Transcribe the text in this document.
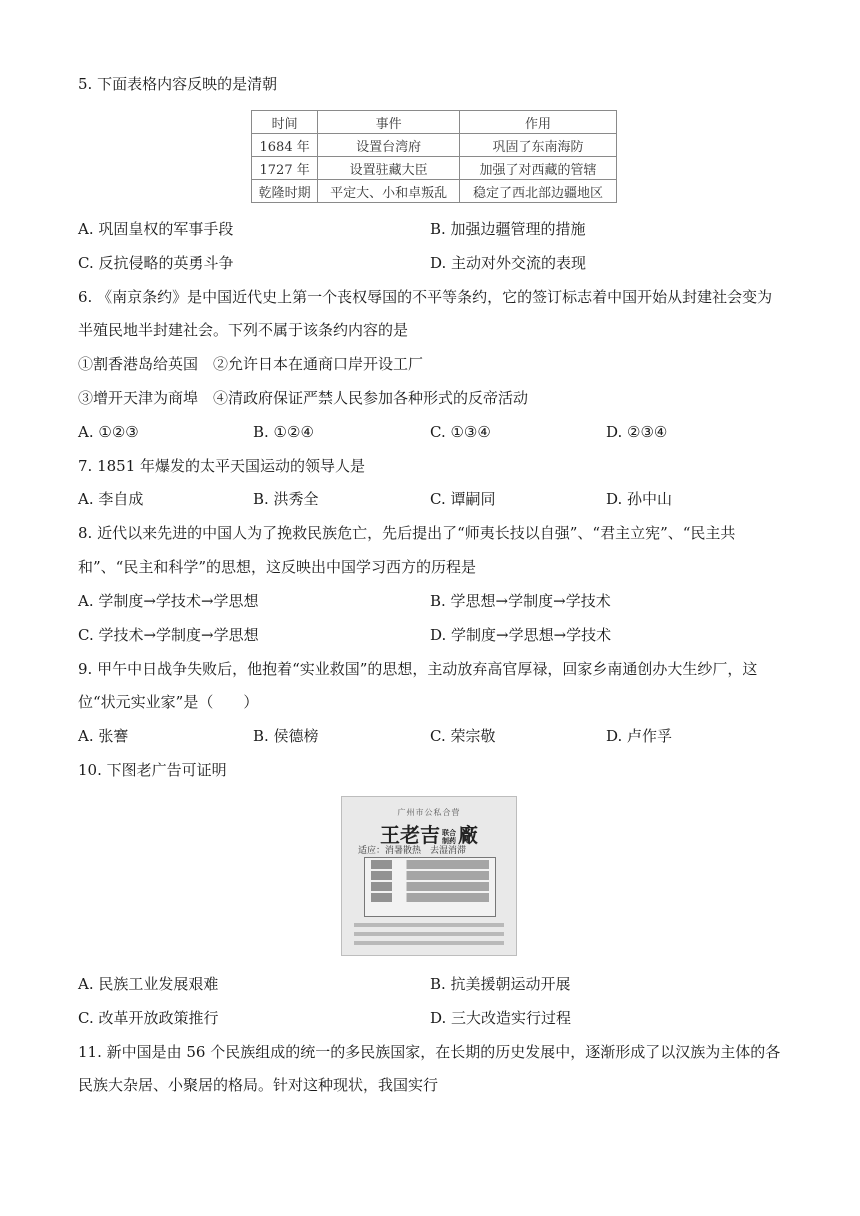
5. 下面表格内容反映的是清朝
时间	事件	作用
1684 年	设置台湾府	巩固了东南海防
1727 年	设置驻藏大臣	加强了对西藏的管辖
乾隆时期	平定大、小和卓叛乱	稳定了西北部边疆地区
A. 巩固皇权的军事手段	B. 加强边疆管理的措施
C. 反抗侵略的英勇斗争	D. 主动对外交流的表现
6. 《南京条约》是中国近代史上第一个丧权辱国的不平等条约，它的签订标志着中国开始从封建社会变为
半殖民地半封建社会。下列不属于该条约内容的是
①割香港岛给英国　②允许日本在通商口岸开设工厂
③增开天津为商埠　④清政府保证严禁人民参加各种形式的反帝活动
A. ①②③	B. ①②④	C. ①③④	D. ②③④
7. 1851 年爆发的太平天国运动的领导人是
A. 李自成	B. 洪秀全	C. 谭嗣同	D. 孙中山
8. 近代以来先进的中国人为了挽救民族危亡，先后提出了“师夷长技以自强”、“君主立宪”、“民主共
和”、“民主和科学”的思想，这反映出中国学习西方的历程是
A. 学制度→学技术→学思想	B. 学思想→学制度→学技术
C. 学技术→学制度→学思想	D. 学制度→学思想→学技术
9. 甲午中日战争失败后，他抱着“实业救国”的思想，主动放弃高官厚禄，回家乡南通创办大生纱厂，这
位“状元实业家”是（　　）
A. 张謇	B. 侯德榜	C. 荣宗敬	D. 卢作孚
10. 下图老广告可证明
广州市公私合营
王老吉 联合制药 廠
适应：消暑散热　去湿消滞
A. 民族工业发展艰难	B. 抗美援朝运动开展
C. 改革开放政策推行	D. 三大改造实行过程
11. 新中国是由 56 个民族组成的统一的多民族国家，在长期的历史发展中，逐渐形成了以汉族为主体的各
民族大杂居、小聚居的格局。针对这种现状，我国实行
